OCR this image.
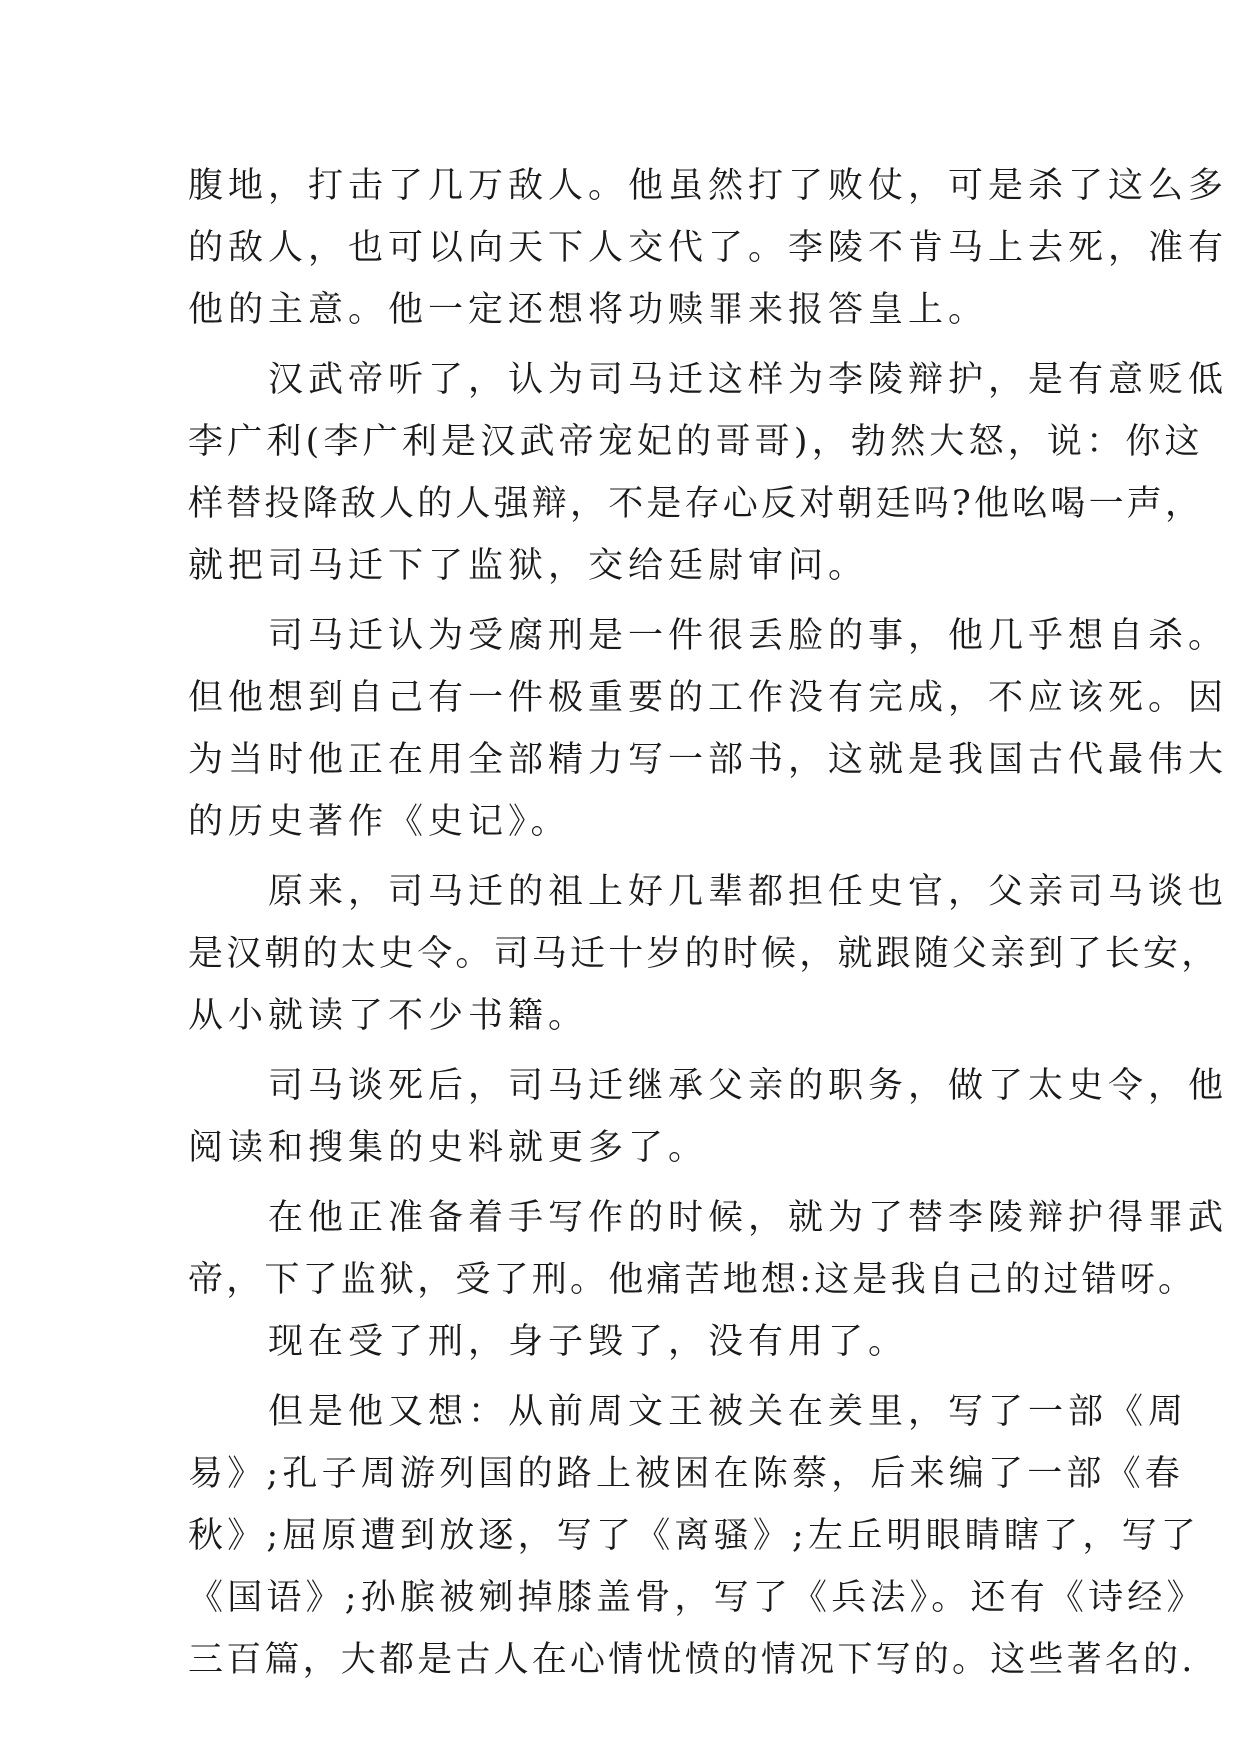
腹地，打击了几万敌人。他虽然打了败仗，可是杀了这么多

的敌人，也可以向天下人交代了。李陵不肯马上去死，准有

他的主意。他一定还想将功赎罪来报答皇上。

　　汉武帝听了，认为司马迁这样为李陵辩护，是有意贬低

李广利(李广利是汉武帝宠妃的哥哥)，勃然大怒，说：你这

样替投降敌人的人强辩，不是存心反对朝廷吗?他吆喝一声，

就把司马迁下了监狱，交给廷尉审问。

　　司马迁认为受腐刑是一件很丢脸的事，他几乎想自杀。

但他想到自己有一件极重要的工作没有完成，不应该死。因

为当时他正在用全部精力写一部书，这就是我国古代最伟大

的历史著作《史记》。

　　原来，司马迁的祖上好几辈都担任史官，父亲司马谈也

是汉朝的太史令。司马迁十岁的时候，就跟随父亲到了长安，

从小就读了不少书籍。

　　司马谈死后，司马迁继承父亲的职务，做了太史令，他

阅读和搜集的史料就更多了。

　　在他正准备着手写作的时候，就为了替李陵辩护得罪武

帝，下了监狱，受了刑。他痛苦地想:这是我自己的过错呀。

　　现在受了刑，身子毁了，没有用了。

　　但是他又想：从前周文王被关在羑里，写了一部《周

易》;孔子周游列国的路上被困在陈蔡，后来编了一部《春

秋》;屈原遭到放逐，写了《离骚》;左丘明眼睛瞎了，写了

《国语》;孙膑被剜掉膝盖骨，写了《兵法》。还有《诗经》

三百篇，大都是古人在心情忧愤的情况下写的。这些著名的.
